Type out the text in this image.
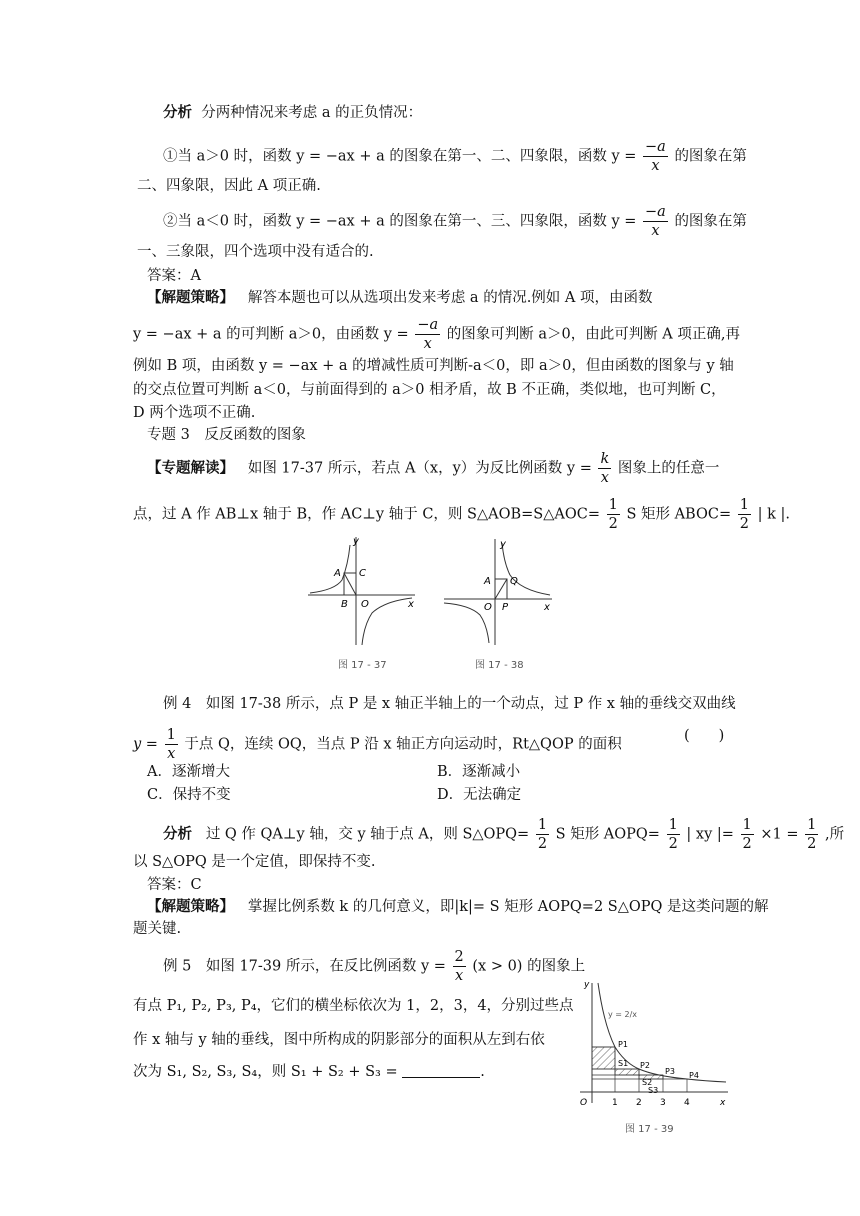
分析 分两种情况来考虑 a 的正负情况：
①当 a＞0 时，函数 y = −ax + a 的图象在第一、二、四象限，函数 $y = \frac{-a}{x}$ 的图象在第
二、四象限，因此 A 项正确.
②当 a＜0 时，函数 y = −ax + a 的图象在第一、三、四象限，函数 $y = \frac{-a}{x}$ 的图象在第
一、三象限，四个选项中没有适合的.
答案：A
【解题策略】 解答本题也可以从选项出发来考虑 a 的情况.例如 A 项，由函数
y = −ax + a 的可判断 a＞0，由函数 $y = \frac{-a}{x}$ 的图象可判断 a＞0，由此可判断 A 项正确,再
例如 B 项，由函数 y = −ax + a 的增减性质可判断-a＜0，即 a＞0，但由函数的图象与 y 轴
的交点位置可判断 a＜0，与前面得到的 a＞0 相矛盾，故 B 不正确，类似地，也可判断 C，
D 两个选项不正确.
专题 3　反反函数的图象
【专题解读】 如图 17-37 所示，若点 A（x，y）为反比例函数 $y = \frac{k}{x}$ 图象上的任意一
点，过 A 作 AB⊥x 轴于 B，作 AC⊥y 轴于 C，则 S△AOB=S△AOC= $\frac{1}{2}$ S 矩形 ABOC= $\frac{1}{2}$ | k |.
y
x
A C
B O
图 17 - 37
y
x
A Q
O P
图 17 - 38
例 4　如图 17-38 所示，点 P 是 x 轴正半轴上的一个动点，过 P 作 x 轴的垂线交双曲线
$y = \frac{1}{x}$ 于点 Q，连续 OQ，当点 P 沿 x 轴正方向运动时，Rt△QOP 的面积
(　　)
A．逐渐增大	B．逐渐减小
C．保持不变	D．无法确定
分析 过 Q 作 QA⊥y 轴，交 y 轴于点 A，则 S△OPQ= $\frac{1}{2}$ S 矩形 AOPQ= $\frac{1}{2}$ | xy |= $\frac{1}{2} \times 1 = \frac{1}{2}$ ,所
以 S△OPQ 是一个定值，即保持不变.
答案：C
【解题策略】 掌握比例系数 k 的几何意义，即|k|= S 矩形 AOPQ=2 S△OPQ 是这类问题的解
题关键.
例 5　如图 17-39 所示，在反比例函数 $y = \frac{2}{x} (x > 0)$ 的图象上
有点 P₁, P₂, P₃, P₄，它们的横坐标依次为 1，2，3，4，分别过些点
作 x 轴与 y 轴的垂线，图中所构成的阴影部分的面积从左到右依
次为 S₁, S₂, S₃, S₄，则 S₁ + S₂ + S₃ =	.
y
x
O
y = 2/x
P1
P2
P3 P4
S1
S2
S3
1 2 3 4
图 17 - 39
